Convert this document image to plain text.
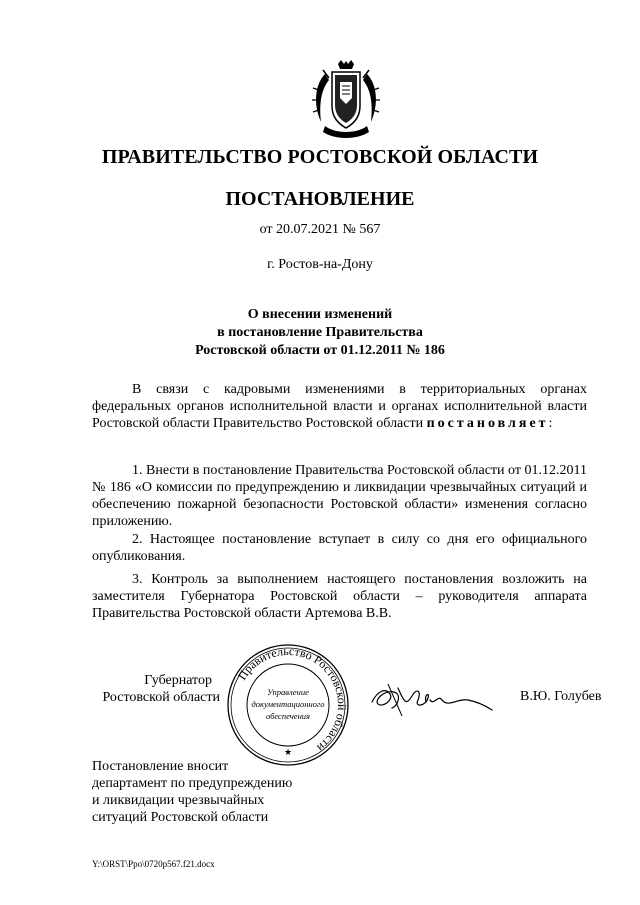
ПРАВИТЕЛЬСТВО РОСТОВСКОЙ ОБЛАСТИ
ПОСТАНОВЛЕНИЕ
от 20.07.2021 № 567
г. Ростов-на-Дону
О внесении изменений
в постановление Правительства
Ростовской области от 01.12.2011 № 186
В связи с кадровыми изменениями в территориальных органах федеральных органов исполнительной власти и органах исполнительной власти Ростовской области Правительство Ростовской области постановляет:
1. Внести в постановление Правительства Ростовской области от 01.12.2011 № 186 «О комиссии по предупреждению и ликвидации чрезвычайных ситуаций и обеспечению пожарной безопасности Ростовской области» изменения согласно приложению.
2. Настоящее постановление вступает в силу со дня его официального опубликования.
3. Контроль за выполнением настоящего постановления возложить на заместителя Губернатора Ростовской области – руководителя аппарата Правительства Ростовской области Артемова В.В.
Губернатор
Ростовской области
Правительство Ростовской области
Управление
документационного
обеспечения
★
В.Ю. Голубев
Постановление вносит
департамент по предупреждению
и ликвидации чрезвычайных
ситуаций Ростовской области
Y:\ORST\Ppo\0720p567.f21.docx
